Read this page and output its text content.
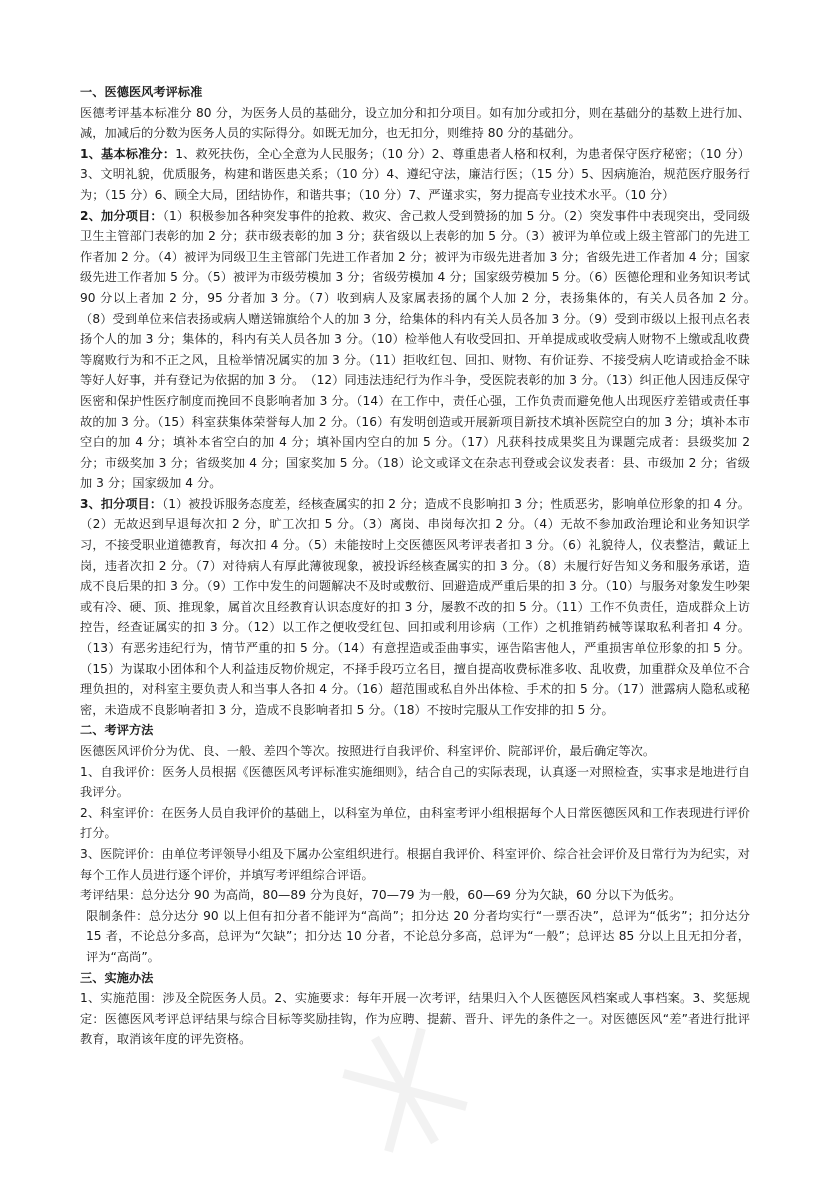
一、医德医风考评标准

医德考评基本标准分 80 分，为医务人员的基础分，设立加分和扣分项目。如有加分或扣分，则在基础分的基数上进行加、减，加减后的分数为医务人员的实际得分。如既无加分，也无扣分，则维持 80 分的基础分。

1、基本标准分：1、救死扶伤，全心全意为人民服务；（10 分）2、尊重患者人格和权利，为患者保守医疗秘密；（10 分）3、文明礼貌，优质服务，构建和谐医患关系；（10 分）4、遵纪守法，廉洁行医；（15 分）5、因病施治，规范医疗服务行为；（15 分）6、顾全大局，团结协作，和谐共事；（10 分）7、严谨求实，努力提高专业技术水平。（10 分）

2、加分项目：（1）积极参加各种突发事件的抢救、救灾、舍己救人受到赞扬的加 5 分。（2）突发事件中表现突出，受同级卫生主管部门表彰的加 2 分；获市级表彰的加 3 分；获省级以上表彰的加 5 分。（3）被评为单位或上级主管部门的先进工作者加 2 分。（4）被评为同级卫生主管部门先进工作者加 2 分；被评为市级先进者加 3 分；省级先进工作者加 4 分；国家级先进工作者加 5 分。（5）被评为市级劳模加 3 分；省级劳模加 4 分；国家级劳模加 5 分。（6）医德伦理和业务知识考试 90 分以上者加 2 分，95 分者加 3 分。（7）收到病人及家属表扬的属个人加 2 分，表扬集体的，有关人员各加 2 分。　　（8）受到单位来信表扬或病人赠送锦旗给个人的加 3 分，给集体的科内有关人员各加 3 分。（9）受到市级以上报刊点名表扬个人的加 3 分；集体的，科内有关人员各加 3 分。（10）检举他人有收受回扣、开单提成或收受病人财物不上缴或乱收费等腐败行为和不正之风，且检举情况属实的加 3 分。（11）拒收红包、回扣、财物、有价证券、不接受病人吃请或拾金不昧等好人好事，并有登记为依据的加 3 分。　（12）同违法违纪行为作斗争，受医院表彰的加 3 分。（13）纠正他人因违反保守医密和保护性医疗制度而挽回不良影响者加 3 分。（14）在工作中，责任心强，工作负责而避免他人出现医疗差错或责任事故的加 3 分。（15）科室获集体荣誉每人加 2 分。（16）有发明创造或开展新项目新技术填补医院空白的加 3 分；填补本市空白的加 4 分；填补本省空白的加 4 分；填补国内空白的加 5 分。（17）凡获科技成果奖且为课题完成者：县级奖加 2 分；市级奖加 3 分；省级奖加 4 分；国家奖加 5 分。（18）论文或译文在杂志刊登或会议发表者：县、市级加 2 分；省级加 3 分；国家级加 4 分。

3、扣分项目：（1）被投诉服务态度差，经核查属实的扣 2 分；造成不良影响扣 3 分；性质恶劣，影响单位形象的扣 4 分。（2）无故迟到早退每次扣 2 分，旷工次扣 5 分。（3）离岗、串岗每次扣 2 分。（4）无故不参加政治理论和业务知识学习，不接受职业道德教育，每次扣 4 分。（5）未能按时上交医德医风考评表者扣 3 分。（6）礼貌待人，仪表整洁，戴证上岗，违者次扣 2 分。（7）对待病人有厚此薄彼现象，被投诉经核查属实的扣 3 分。（8）未履行好告知义务和服务承诺，造成不良后果的扣 3 分。（9）工作中发生的问题解决不及时或敷衍、回避造成严重后果的扣 3 分。（10）与服务对象发生吵架或有冷、硬、顶、推现象，属首次且经教育认识态度好的扣 3 分，屡教不改的扣 5 分。（11）工作不负责任，造成群众上访控告，经查证属实的扣 3 分。（12）以工作之便收受红包、回扣或利用诊病（工作）之机推销药械等谋取私利者扣 4 分。（13）有恶劣违纪行为，情节严重的扣 5 分。（14）有意捏造或歪曲事实，诬告陷害他人，严重损害单位形象的扣 5 分。（15）为谋取小团体和个人利益违反物价规定，不择手段巧立名目，擅自提高收费标准多收、乱收费，加重群众及单位不合理负担的，对科室主要负责人和当事人各扣 4 分。（16）超范围或私自外出体检、手术的扣 5 分。（17）泄露病人隐私或秘密，未造成不良影响者扣 3 分，造成不良影响者扣 5 分。（18）不按时完服从工作安排的扣 5 分。

二、考评方法

医德医风评价分为优、良、一般、差四个等次。按照进行自我评价、科室评价、院部评价，最后确定等次。

1、自我评价：医务人员根据《医德医风考评标准实施细则》，结合自己的实际表现，认真逐一对照检查，实事求是地进行自我评分。

2、科室评价：在医务人员自我评价的基础上，以科室为单位，由科室考评小组根据每个人日常医德医风和工作表现进行评价打分。

3、医院评价：由单位考评领导小组及下属办公室组织进行。根据自我评价、科室评价、综合社会评价及日常行为为纪实，对每个工作人员进行逐个评价，并填写考评组综合评语。

考评结果：总分达分 90 为高尚，80—89 分为良好，70—79 为一般，60—69 分为欠缺，60 分以下为低劣。

限制条件：总分达分 90 以上但有扣分者不能评为“高尚”；扣分达 20 分者均实行“一票否决”，总评为“低劣”；扣分达分 15 者，不论总分多高，总评为“欠缺”；扣分达 10 分者，不论总分多高，总评为“一般”；总评达 85 分以上且无扣分者，评为“高尚”。

三、实施办法

1、实施范围：涉及全院医务人员。2、实施要求：每年开展一次考评，结果归入个人医德医风档案或人事档案。3、奖惩规定：医德医风考评总评结果与综合目标等奖励挂钩，作为应聘、提薪、晋升、评先的条件之一。对医德医风“差”者进行批评教育，取消该年度的评先资格。
